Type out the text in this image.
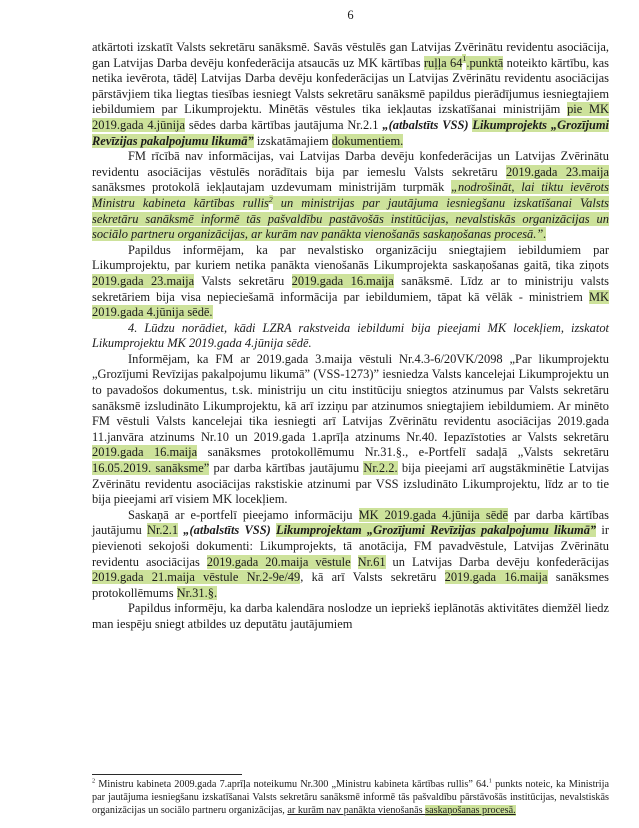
6

atkārtoti izskatīt Valsts sekretāru sanāksmē. Savās vēstulēs gan Latvijas Zvērinātu revidentu asociācija, gan Latvijas Darba devēju konfederācija atsaucās uz MK kārtības ruļļa $64^1.punktā$ noteikto kārtību, kas netika ievērota, tādēļ Latvijas Darba devēju konfederācijas un Latvijas Zvērinātu revidentu asociācijas pārstāvjiem tika liegtas tiesības iesniegt Valsts sekretāru sanāksmē papildus pierādījumus iesniegtajiem iebildumiem par Likumprojektu. Minētās vēstules tika iekļautas izskatīšanai ministrijām pie MK 2019.gada 4.jūnija sēdes darba kārtības jautājuma Nr.2.1 „(atbalstīts VSS) Likumprojekts „Grozījumi Revīzijas pakalpojumu likumā” izskatāmajiem dokumentiem.

FM rīcībā nav informācijas, vai Latvijas Darba devēju konfederācijas un Latvijas Zvērinātu revidentu asociācijas vēstulēs norādītais bija par iemeslu Valsts sekretāru 2019.gada 23.maija sanāksmes protokolā iekļautajam uzdevumam ministrijām turpmāk „nodrošināt, lai tiktu ievērots Ministru kabineta kārtības rullis$^2$ un ministrijas par jautājuma iesniegšanu izskatīšanai Valsts sekretāru sanāksmē informē tās pašvaldību pastāvošās institūcijas, nevalstiskās organizācijas un sociālo partneru organizācijas, ar kurām nav panākta vienošanās saskaņošanas procesā.”.

Papildus informējam, ka par nevalstisko organizāciju sniegtajiem iebildumiem par Likumprojektu, par kuriem netika panākta vienošanās Likumprojekta saskaņošanas gaitā, tika ziņots 2019.gada 23.maija Valsts sekretāru 2019.gada 16.maija sanāksmē. Līdz ar to ministriju valsts sekretāriem bija visa nepieciešamā informācija par iebildumiem, tāpat kā vēlāk - ministriem MK 2019.gada 4.jūnija sēdē.

4. Lūdzu norādiet, kādi LZRA rakstveida iebildumi bija pieejami MK locekļiem, izskatot Likumprojektu MK 2019.gada 4.jūnija sēdē.

Informējam, ka FM ar 2019.gada 3.maija vēstuli Nr.4.3-6/20VK/2098 „Par likumprojektu „Grozījumi Revīzijas pakalpojumu likumā” (VSS-1273)” iesniedza Valsts kancelejai Likumprojektu un to pavadošos dokumentus, t.sk. ministriju un citu institūciju sniegtos atzinumus par Valsts sekretāru sanāksmē izsludināto Likumprojektu, kā arī izziņu par atzinumos sniegtajiem iebildumiem. Ar minēto FM vēstuli Valsts kancelejai tika iesniegti arī Latvijas Zvērinātu revidentu asociācijas 2019.gada 11.janvāra atzinums Nr.10 un 2019.gada 1.aprīļa atzinums Nr.40. Iepazīstoties ar Valsts sekretāru 2019.gada 16.maija sanāksmes protokollēmumu Nr.31.§., e-Portfelī sadaļā „Valsts sekretāru 16.05.2019. sanāksme” par darba kārtības jautājumu Nr.2.2. bija pieejami arī augstākminētie Latvijas Zvērinātu revidentu asociācijas rakstiskie atzinumi par VSS izsludināto Likumprojektu, līdz ar to tie bija pieejami arī visiem MK locekļiem.

Saskaņā ar e-portfelī pieejamo informāciju MK 2019.gada 4.jūnija sēdē par darba kārtības jautājumu Nr.2.1 „(atbalstīts VSS) Likumprojektam „Grozījumi Revīzijas pakalpojumu likumā” ir pievienoti sekojoši dokumenti: Likumprojekts, tā anotācija, FM pavadvēstule, Latvijas Zvērinātu revidentu asociācijas 2019.gada 20.maija vēstule Nr.61 un Latvijas Darba devēju konfederācijas 2019.gada 21.maija vēstule Nr.2-9e/49, kā arī Valsts sekretāru 2019.gada 16.maija sanāksmes protokollēmums Nr.31.§.

Papildus informēju, ka darba kalendāra noslodze un iepriekš ieplānotās aktivitātes diemžēl liedz man iespēju sniegt atbildes uz deputātu jautājumiem

$^2$ Ministru kabineta 2009.gada 7.aprīļa noteikumu Nr.300 „Ministru kabineta kārtības rullis” 64.$^1$ punkts noteic, ka Ministrija par jautājuma iesniegšanu izskatīšanai Valsts sekretāru sanāksmē informē tās pašvaldību pārstāvošās institūcijas, nevalstiskās organizācijas un sociālo partneru organizācijas, ar kurām nav panākta vienošanās saskaņošanas procesā.
